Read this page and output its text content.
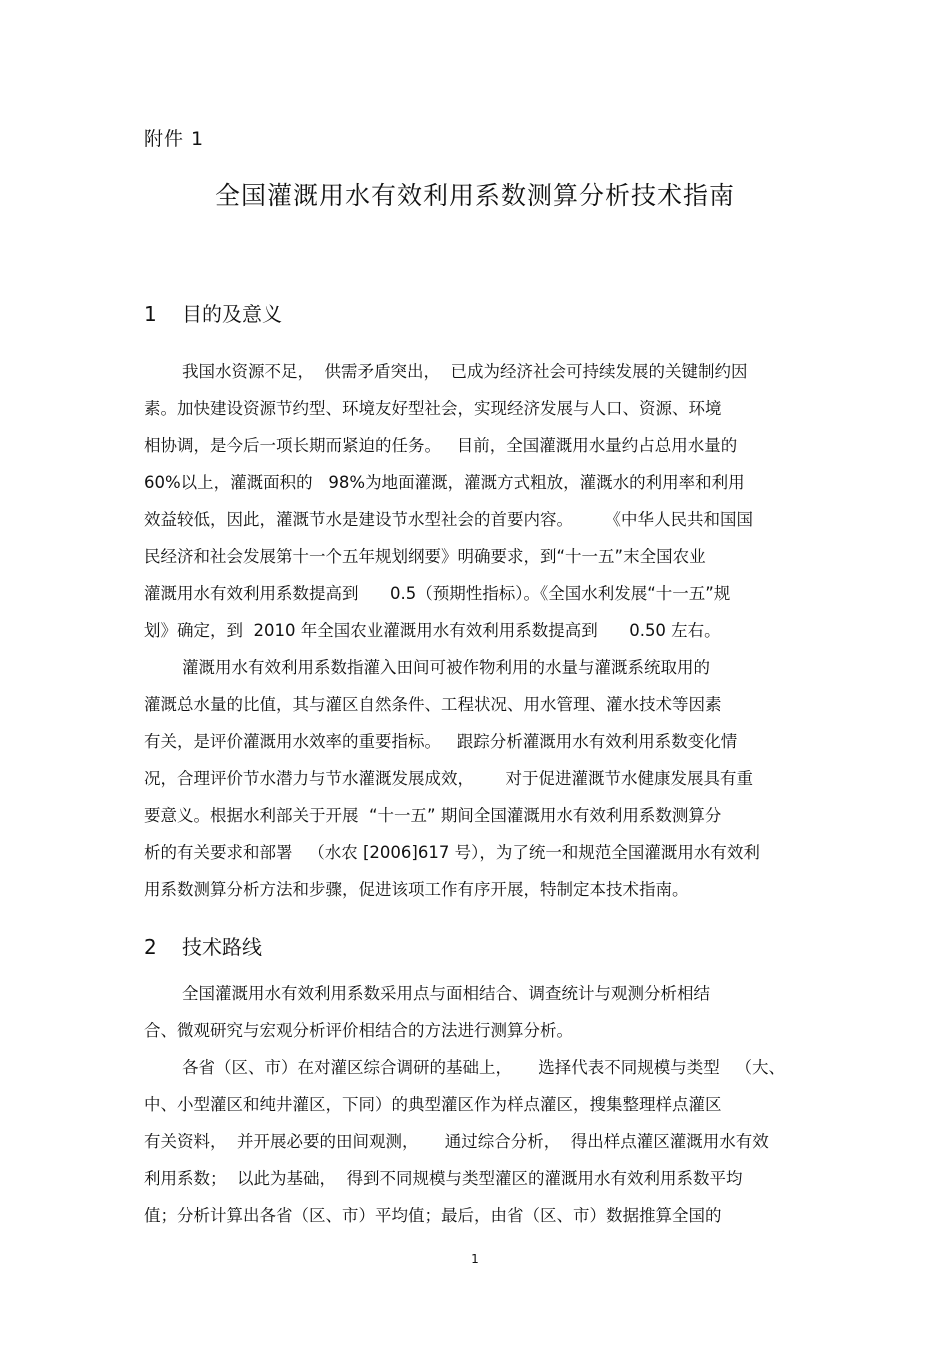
附件 1
全国灌溉用水有效利用系数测算分析技术指南
1 目的及意义
我国水资源不足，  供需矛盾突出，  已成为经济社会可持续发展的关键制约因
素。加快建设资源节约型、环境友好型社会，实现经济发展与人口、资源、环境
相协调，是今后一项长期而紧迫的任务。   目前，全国灌溉用水量约占总用水量的
60%以上，灌溉面积的   98%为地面灌溉，灌溉方式粗放，灌溉水的利用率和利用
效益较低，因此，灌溉节水是建设节水型社会的首要内容。      《中华人民共和国国
民经济和社会发展第十一个五年规划纲要》明确要求，到“十一五”末全国农业
灌溉用水有效利用系数提高到      0.5（预期性指标）。《全国水利发展“十一五”规
划》确定，到  2010 年全国农业灌溉用水有效利用系数提高到      0.50 左右。
灌溉用水有效利用系数指灌入田间可被作物利用的水量与灌溉系统取用的
灌溉总水量的比值，其与灌区自然条件、工程状况、用水管理、灌水技术等因素
有关，是评价灌溉用水效率的重要指标。   跟踪分析灌溉用水有效利用系数变化情
况，合理评价节水潜力与节水灌溉发展成效，      对于促进灌溉节水健康发展具有重
要意义。根据水利部关于开展  “十一五” 期间全国灌溉用水有效利用系数测算分
析的有关要求和部署   （水农 [2006]617 号），为了统一和规范全国灌溉用水有效利
用系数测算分析方法和步骤，促进该项工作有序开展，特制定本技术指南。
2 技术路线
全国灌溉用水有效利用系数采用点与面相结合、调查统计与观测分析相结
合、微观研究与宏观分析评价相结合的方法进行测算分析。
各省（区、市）在对灌区综合调研的基础上，     选择代表不同规模与类型   （大、
中、小型灌区和纯井灌区，下同）的典型灌区作为样点灌区，搜集整理样点灌区
有关资料，  并开展必要的田间观测，     通过综合分析，  得出样点灌区灌溉用水有效
利用系数；  以此为基础，  得到不同规模与类型灌区的灌溉用水有效利用系数平均
值；分析计算出各省（区、市）平均值；最后，由省（区、市）数据推算全国的
1
